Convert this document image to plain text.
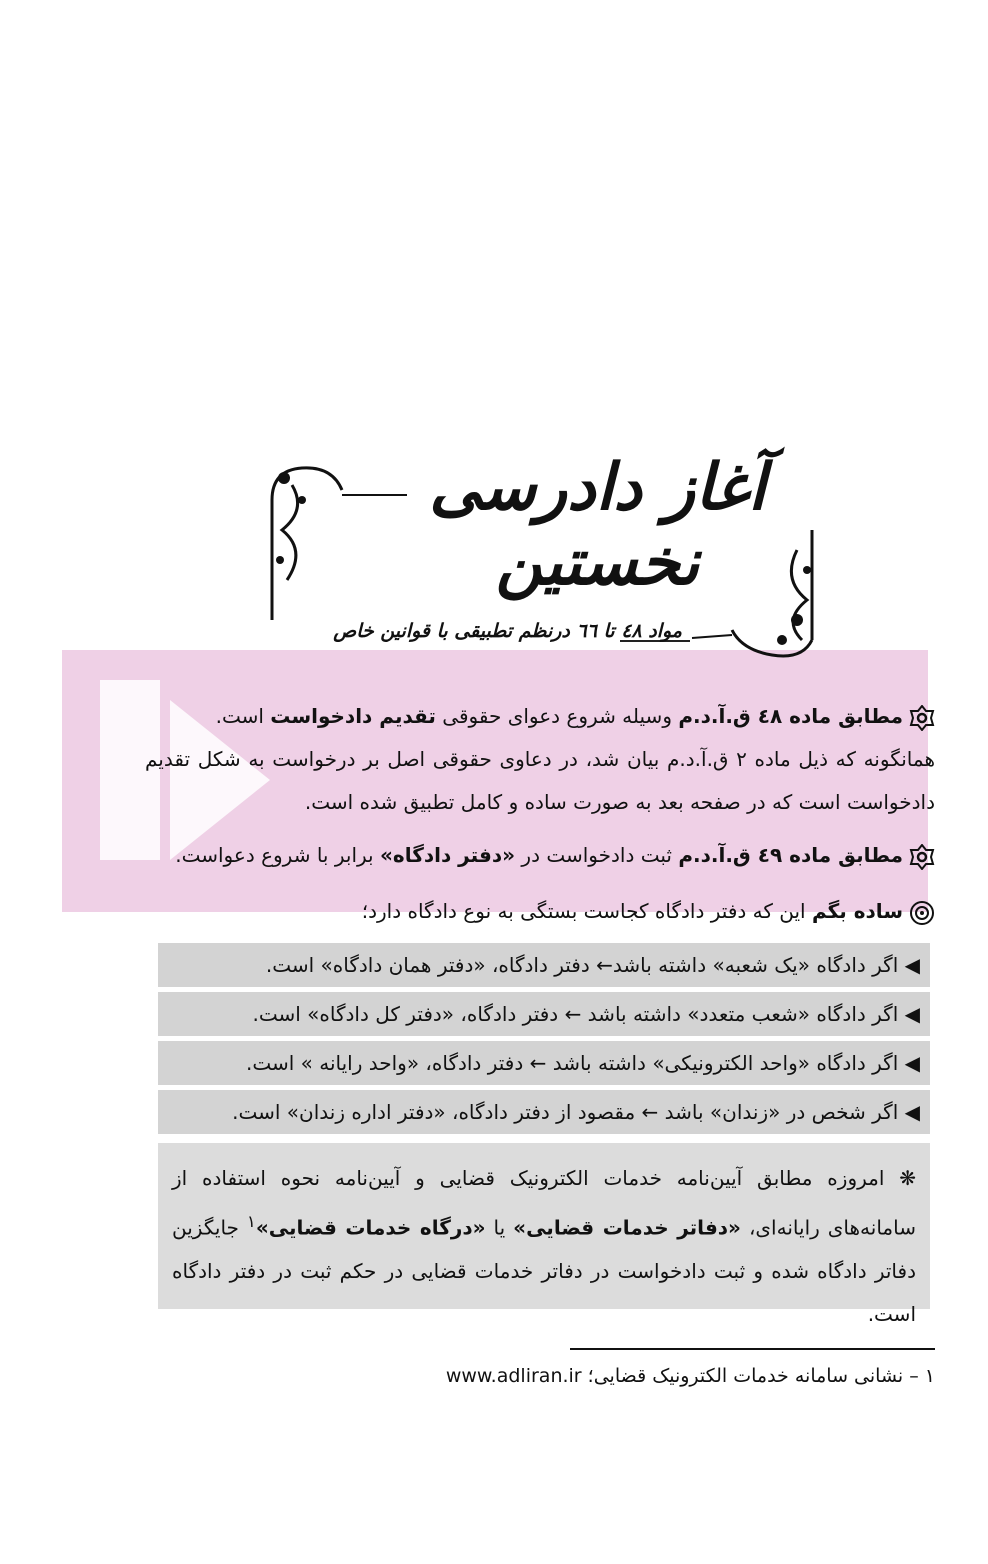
آغاز دادرسی نخستین
مواد ٤٨ تا ٦٦ درنظم تطبیقی با قوانین خاص
مطابق ماده ٤٨ ق.آ.د.م وسیله شروع دعوای حقوقی تقدیم دادخواست است.
همانگونه که ذیل ماده ٢ ق.آ.د.م بیان شد، در دعاوی حقوقی اصل بر درخواست به شکل تقدیم دادخواست است که در صفحه بعد به صورت ساده و کامل تطبیق شده است.
مطابق ماده ٤٩ ق.آ.د.م ثبت دادخواست در «دفتر دادگاه» برابر با شروع دعواست.
ساده بگم این که دفتر دادگاه کجاست بستگی به نوع دادگاه دارد؛
◀ اگر دادگاه «یک شعبه» داشته باشد← دفتر دادگاه، «دفتر همان دادگاه» است.
◀ اگر دادگاه «شعب متعدد» داشته باشد ← دفتر دادگاه، «دفتر کل دادگاه» است.
◀ اگر دادگاه «واحد الکترونیکی» داشته باشد ← دفتر دادگاه، «واحد رایانه » است.
◀ اگر شخص در «زندان» باشد ← مقصود از دفتر دادگاه، «دفتر اداره زندان» است.
❋ امروزه مطابق آیین‌نامه خدمات الکترونیک قضایی و آیین‌نامه نحوه استفاده از سامانه‌های رایانه‌ای، «دفاتر خدمات قضایی» یا «درگاه خدمات قضایی»$^١$ جایگزین دفاتر دادگاه شده و ثبت دادخواست در دفاتر خدمات قضایی در حکم ثبت در دفتر دادگاه است.
١ – نشانی سامانه خدمات الکترونیک قضایی؛ www.adliran.ir
